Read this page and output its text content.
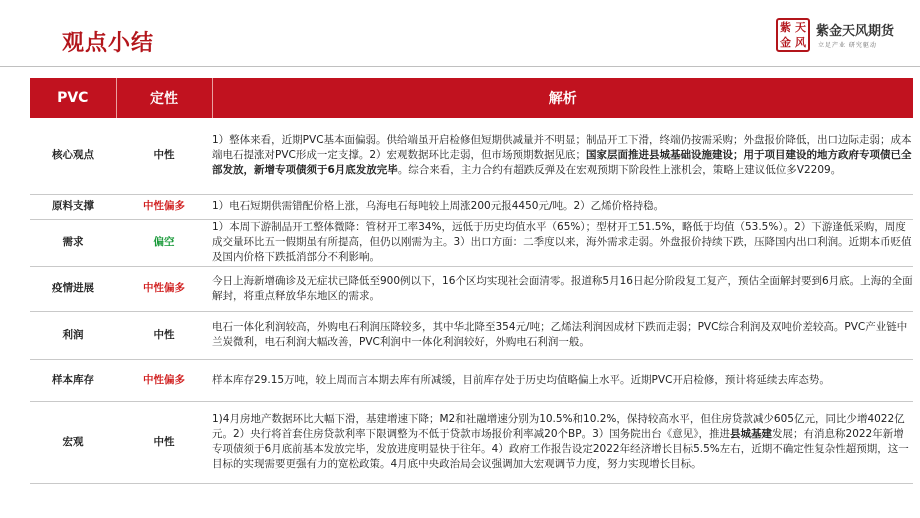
观点小结
紫 天
金 风
紫金天风期货
立足产业 研究驱动
PVC	定性	解析
核心观点	中性	1）整体来看，近期PVC基本面偏弱。供给端虽开启检修但短期供减量并不明显；制品开工下滑，终端仍按需采购；外盘报价降低，出口边际走弱；成本端电石提涨对PVC形成一定支撑。2）宏观数据环比走弱，但市场预期数据见底；国家层面推进县城基础设施建设；用于项目建设的地方政府专项债已全部发放，新增专项债须于6月底发放完毕。综合来看，主力合约有超跌反弹及在宏观预期下阶段性上涨机会，策略上建议低位多V2209。
原料支撑	中性偏多	1）电石短期供需错配价格上涨，乌海电石每吨较上周涨200元报4450元/吨。2）乙烯价格持稳。
需求	偏空	1）本周下游制品开工整体微降：管材开工率34%，远低于历史均值水平（65%）；型材开工51.5%，略低于均值（53.5%）。2）下游逢低采购，周度成交量环比五一假期虽有所提高，但仍以刚需为主。3）出口方面：二季度以来，海外需求走弱。外盘报价持续下跌，压降国内出口利润。近期本币贬值及国内价格下跌抵消部分不利影响。
疫情进展	中性偏多	今日上海新增确诊及无症状已降低至900例以下，16个区均实现社会面清零。报道称5月16日起分阶段复工复产，预估全面解封要到6月底。上海的全面解封，将重点释放华东地区的需求。
利润	中性	电石一体化利润较高，外购电石利润压降较多，其中华北降至354元/吨；乙烯法利润因成材下跌而走弱；PVC综合利润及双吨价差较高。PVC产业链中兰炭微利，电石利润大幅改善，PVC利润中一体化利润较好，外购电石利润一般。
样本库存	中性偏多	样本库存29.15万吨，较上周而言本期去库有所减缓，目前库存处于历史均值略偏上水平。近期PVC开启检修，预计将延续去库态势。
宏观	中性	1)4月房地产数据环比大幅下滑，基建增速下降；M2和社融增速分别为10.5%和10.2%，保持较高水平，但住房贷款减少605亿元，同比少增4022亿元。2）央行将首套住房贷款利率下限调整为不低于贷款市场报价利率减20个BP。3）国务院出台《意见》，推进县城基建发展；有消息称2022年新增专项债须于6月底前基本发放完毕，发放进度明显快于往年。4）政府工作报告设定2022年经济增长目标5.5%左右，近期不确定性复杂性超预期，这一目标的实现需要更强有力的宽松政策。4月底中央政治局会议强调加大宏观调节力度，努力实现增长目标。
